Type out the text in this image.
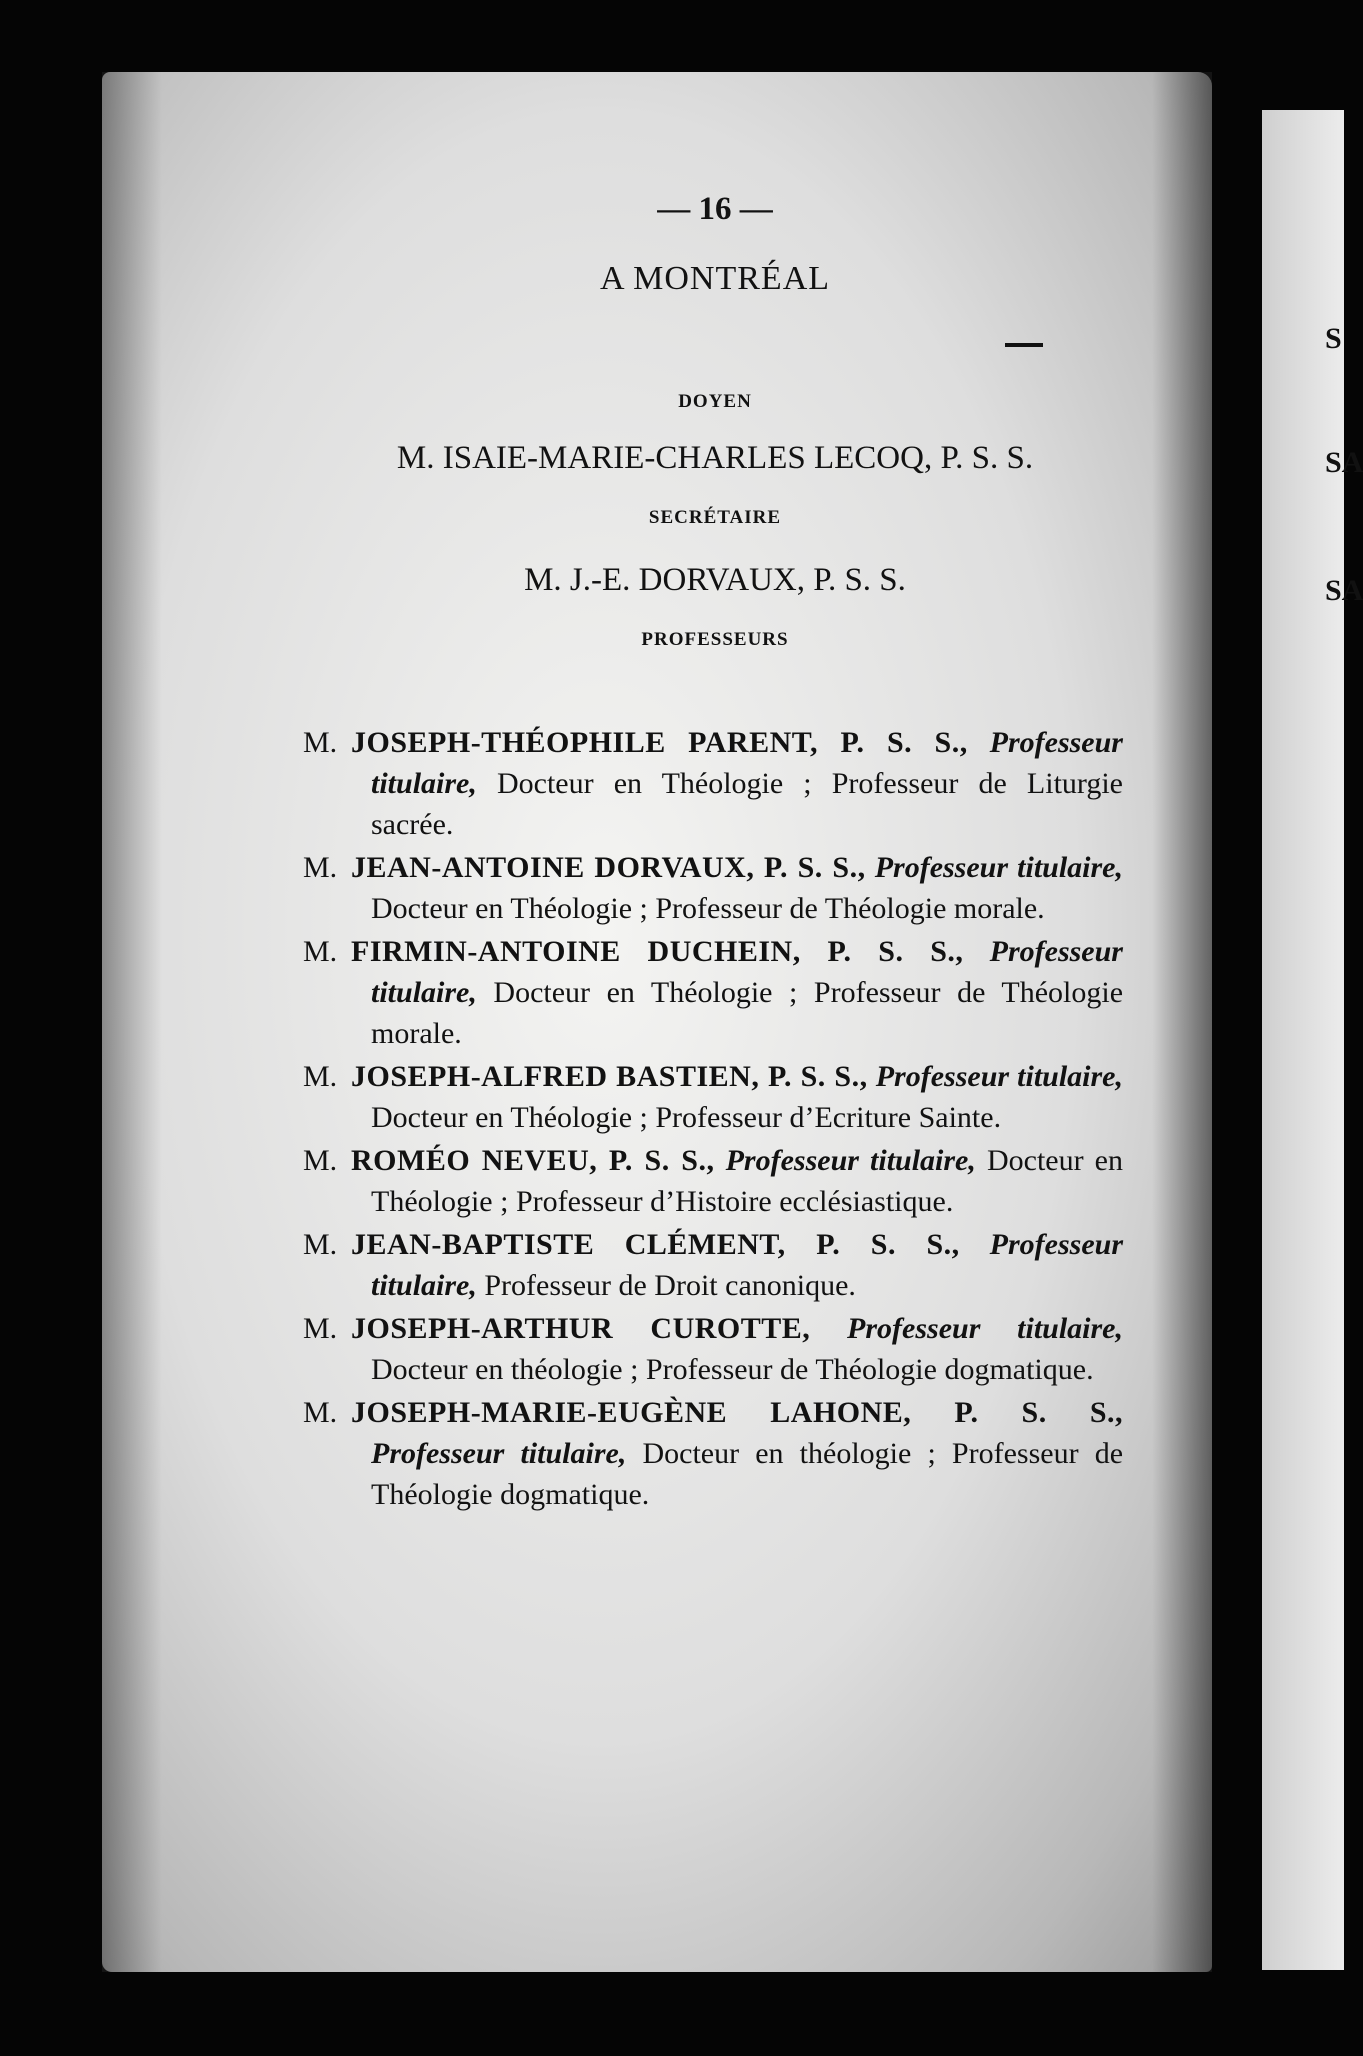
S
SA
SA
— 16 —
A MONTRÉAL
DOYEN
M. ISAIE-MARIE-CHARLES LECOQ, P. S. S.
SECRÉTAIRE
M. J.-E. DORVAUX, P. S. S.
PROFESSEURS

M. JOSEPH-THÉOPHILE PARENT, P. S. S., Professeur titulaire, Docteur en Théologie ; Professeur de Liturgie sacrée.

M. JEAN-ANTOINE DORVAUX, P. S. S., Professeur titulaire, Docteur en Théologie ; Professeur de Théologie morale.

M. FIRMIN-ANTOINE DUCHEIN, P. S. S., Professeur titulaire, Docteur en Théologie ; Professeur de Théologie morale.

M. JOSEPH-ALFRED BASTIEN, P. S. S., Professeur titulaire, Docteur en Théologie ; Professeur d’Ecriture Sainte.

M. ROMÉO NEVEU, P. S. S., Professeur titulaire, Docteur en Théologie ; Professeur d’Histoire ecclésiastique.

M. JEAN-BAPTISTE CLÉMENT, P. S. S., Professeur titulaire, Professeur de Droit canonique.

M. JOSEPH-ARTHUR CUROTTE, Professeur titulaire, Docteur en théologie ; Professeur de Théologie dogmatique.

M. JOSEPH-MARIE-EUGÈNE LAHONE, P. S. S., Professeur titulaire, Docteur en théologie ; Professeur de Théologie dogmatique.
